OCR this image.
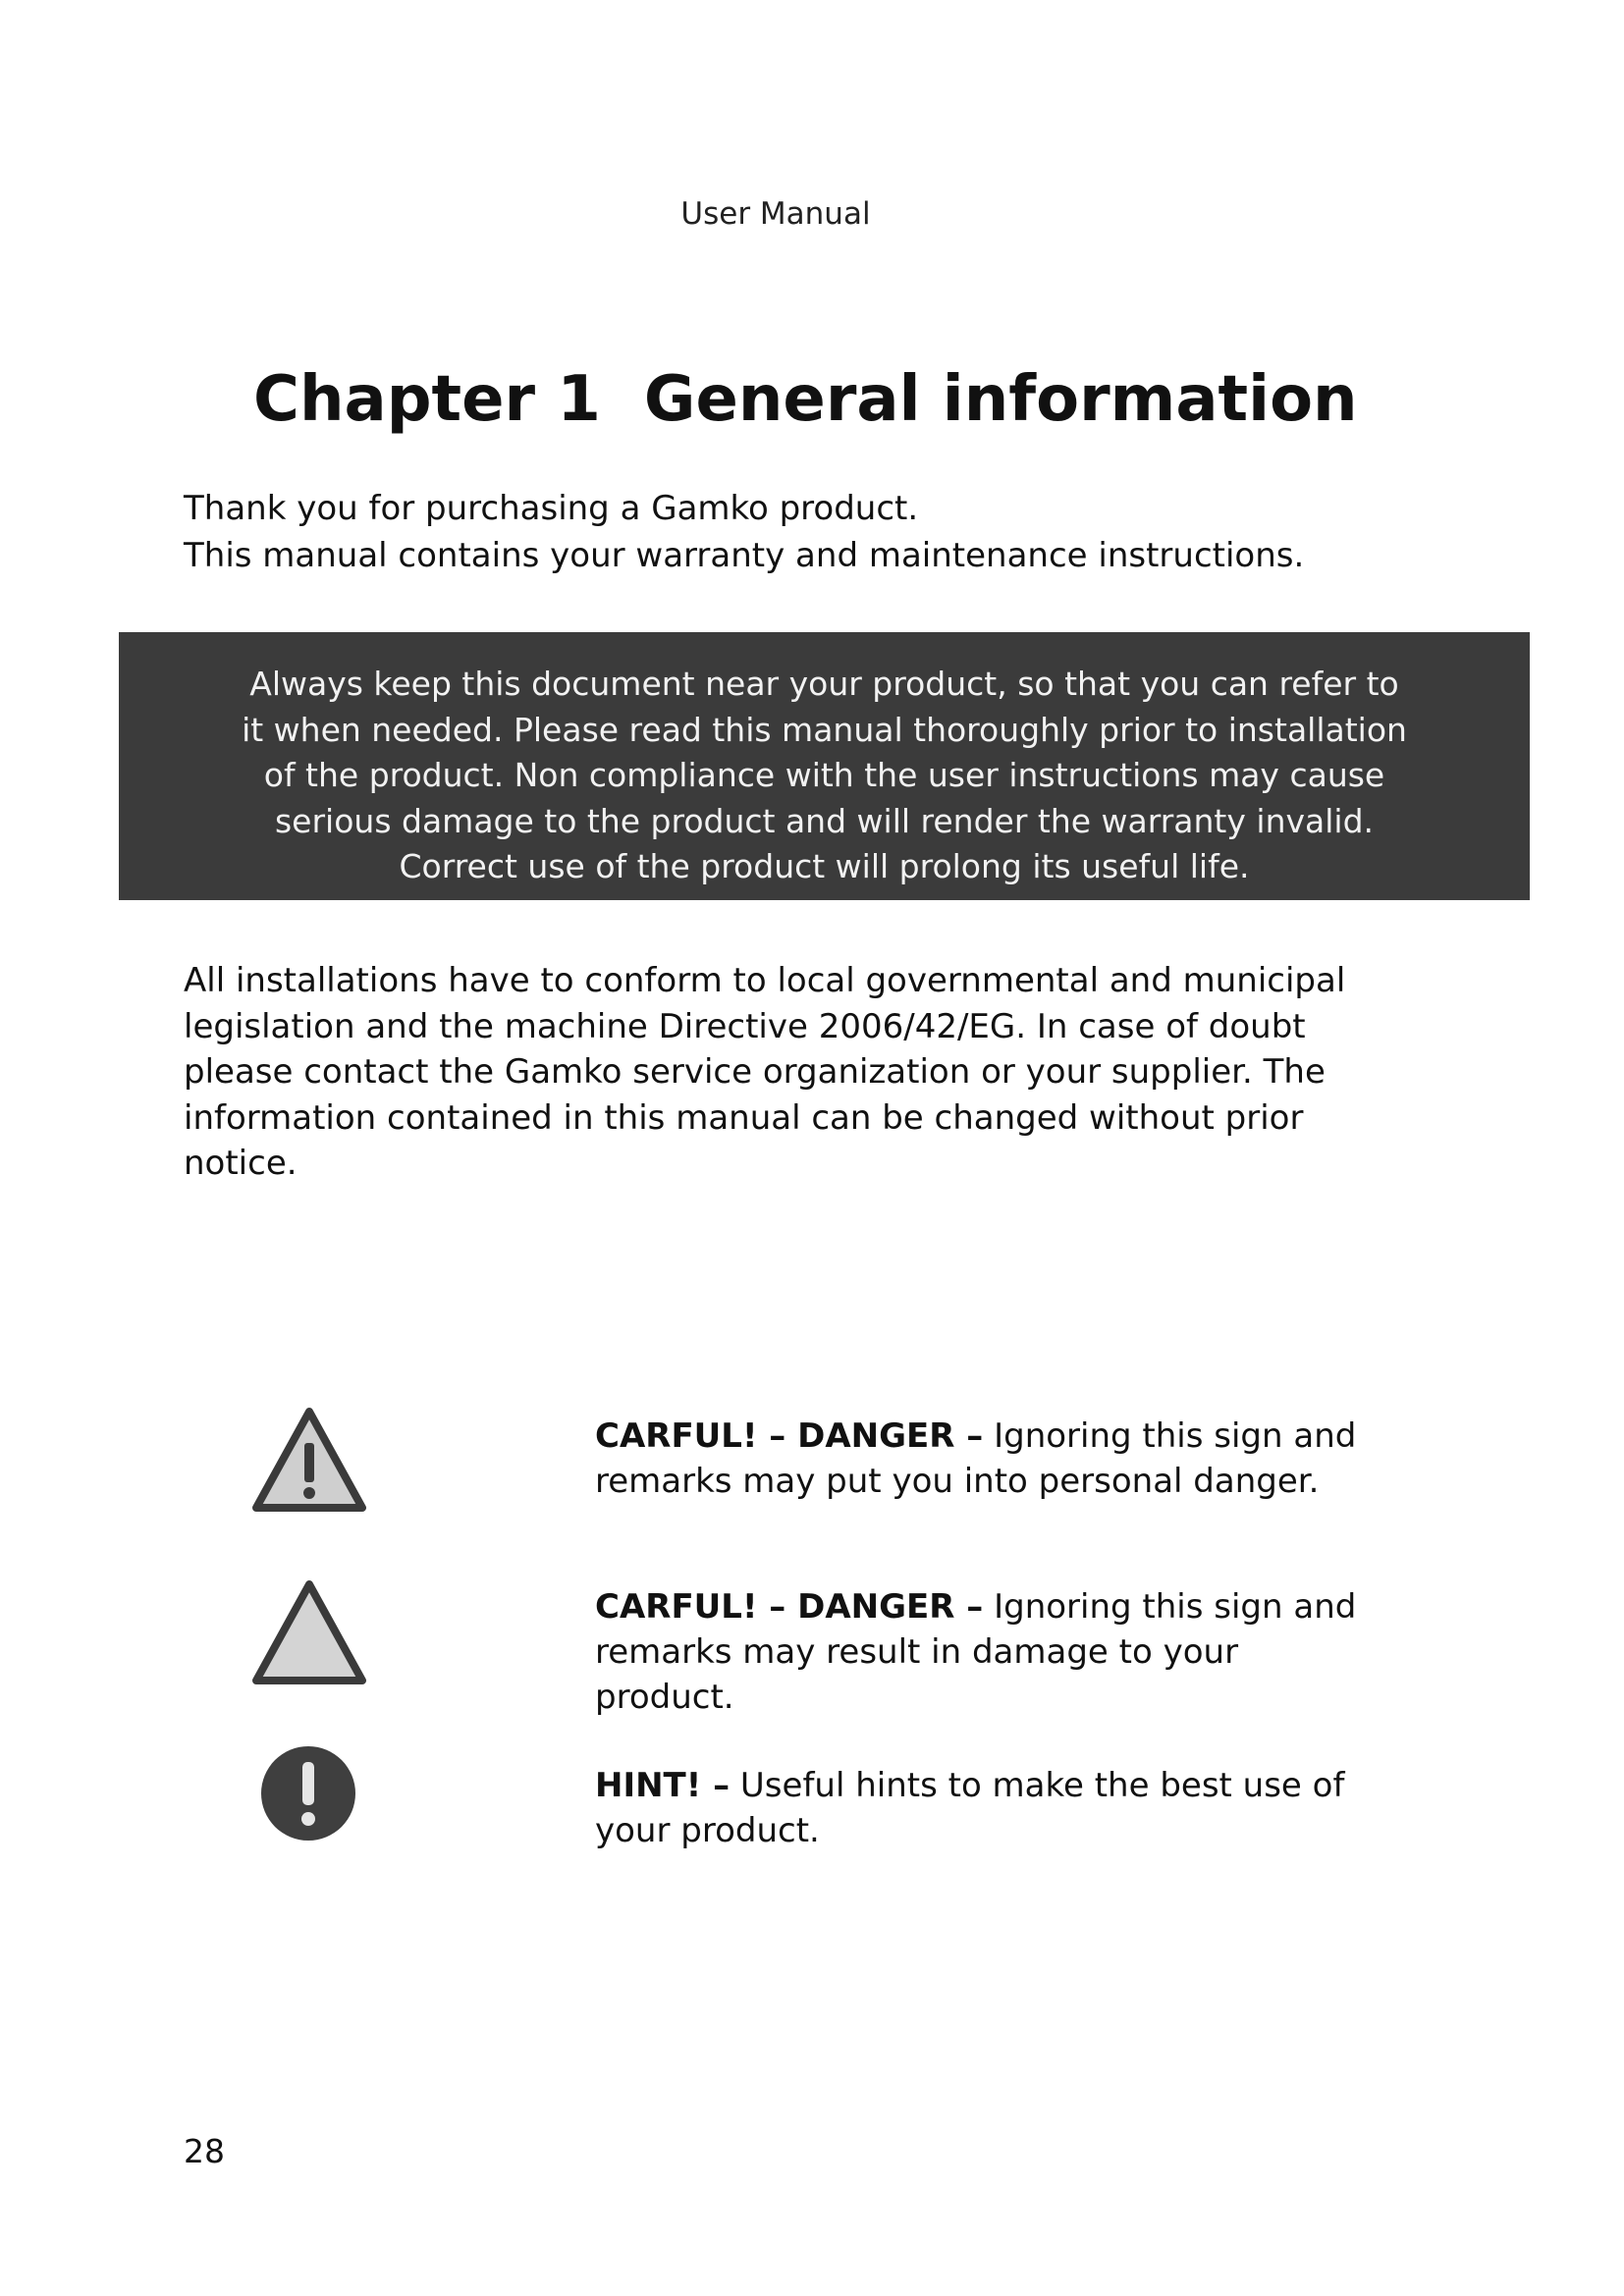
User Manual
Chapter 1 General information

Thank you for purchasing a Gamko product.

This manual contains your warranty and maintenance instructions.

Always keep this document near your product, so that you can refer to
it when needed. Please read this manual thoroughly prior to installation
of the product. Non compliance with the user instructions may cause
serious damage to the product and will render the warranty invalid.
Correct use of the product will prolong its useful life.
All installations have to conform to local governmental and municipal
legislation and the machine Directive 2006/42/EG. In case of doubt
please contact the Gamko service organization or your supplier. The
information contained in this manual can be changed without prior
notice.
CARFUL! – DANGER – Ignoring this sign and
remarks may put you into personal danger.
CARFUL! – DANGER – Ignoring this sign and
remarks may result in damage to your
product.
HINT! – Useful hints to make the best use of
your product.
28
